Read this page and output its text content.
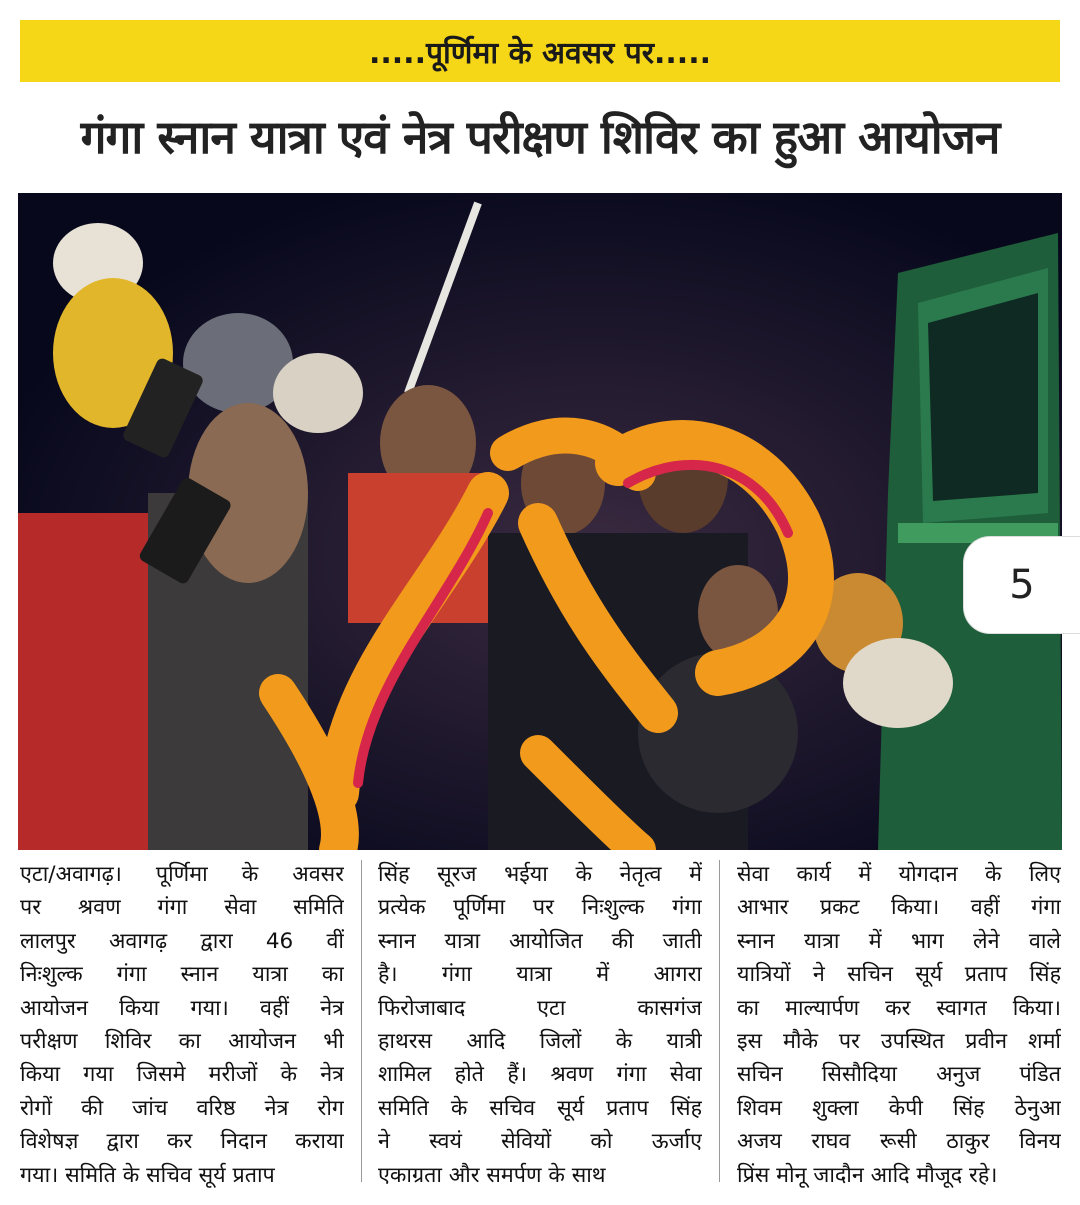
.....पूर्णिमा के अवसर पर.....
गंगा स्नान यात्रा एवं नेत्र परीक्षण शिविर का हुआ आयोजन
5
एटा/अवागढ़। पूर्णिमा के अवसर
पर श्रवण गंगा सेवा समिति
लालपुर अवागढ़ द्वारा 46 वीं
निःशुल्क गंगा स्नान यात्रा का
आयोजन किया गया। वहीं नेत्र
परीक्षण शिविर का आयोजन भी
किया गया जिसमे मरीजों के नेत्र
रोगों की जांच वरिष्ठ नेत्र रोग
विशेषज्ञ द्वारा कर निदान कराया
गया। समिति के सचिव सूर्य प्रताप
सिंह सूरज भईया के नेतृत्व में
प्रत्येक पूर्णिमा पर निःशुल्क गंगा
स्नान यात्रा आयोजित की जाती
है। गंगा यात्रा में आगरा
फिरोजाबाद एटा कासगंज
हाथरस आदि जिलों के यात्री
शामिल होते हैं। श्रवण गंगा सेवा
समिति के सचिव सूर्य प्रताप सिंह
ने स्वयं सेवियों को ऊर्जाए
एकाग्रता और समर्पण के साथ
सेवा कार्य में योगदान के लिए
आभार प्रकट किया। वहीं गंगा
स्नान यात्रा में भाग लेने वाले
यात्रियों ने सचिन सूर्य प्रताप सिंह
का माल्यार्पण कर स्वागत किया।
इस मौके पर उपस्थित प्रवीन शर्मा
सचिन सिसौदिया अनुज पंडित
शिवम शुक्ला केपी सिंह ठेनुआ
अजय राघव रूसी ठाकुर विनय
प्रिंस मोनू जादौन आदि मौजूद रहे।
